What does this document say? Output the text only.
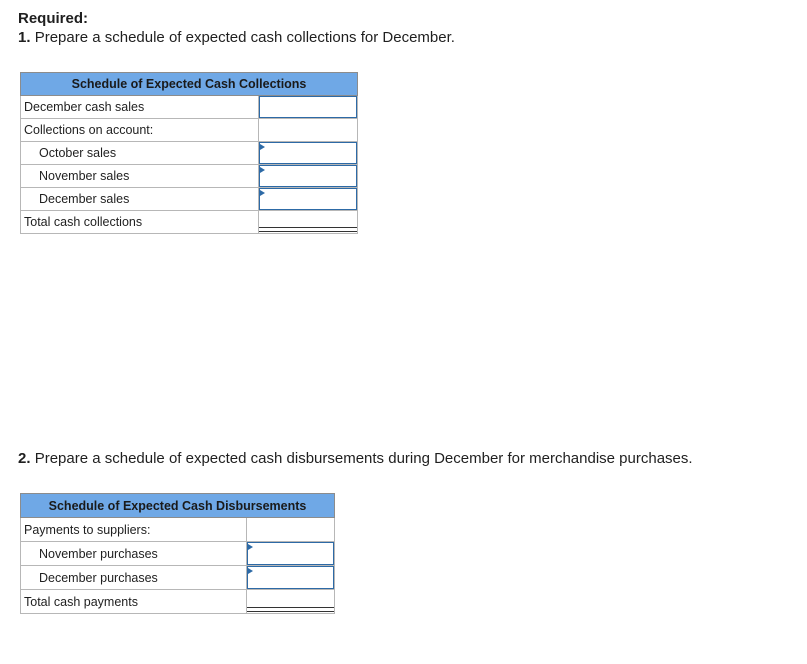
Required:
1. Prepare a schedule of expected cash collections for December.
Schedule of Expected Cash Collections	
December cash sales	

Collections on account:	

October sales	

November sales	

December sales	

Total cash collections	
2. Prepare a schedule of expected cash disbursements during December for merchandise purchases.
Schedule of Expected Cash Disbursements	
Payments to suppliers:	

November purchases	

December purchases	

Total cash payments	
